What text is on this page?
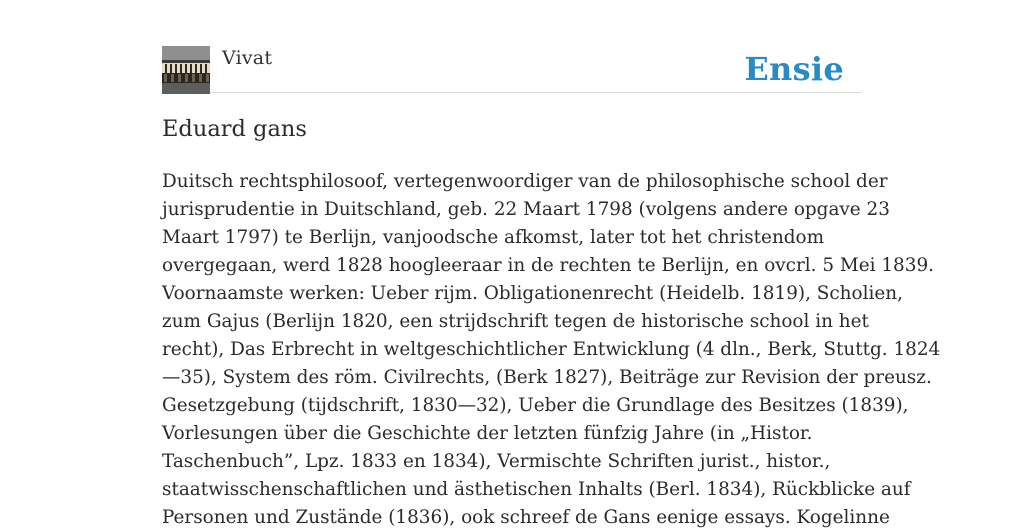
Vivat	Ensie
Eduard gans

Duitsch rechtsphilosoof, vertegenwoordiger van de philosophische school der
jurisprudentie in Duitschland, geb. 22 Maart 1798 (volgens andere opgave 23
Maart 1797) te Berlijn, vanjoodsche afkomst, later tot het christendom
overgegaan, werd 1828 hoogleeraar in de rechten te Berlijn, en ovcrl. 5 Mei 1839.
Voornaamste werken: Ueber rijm. Obligationenrecht (Heidelb. 1819), Scholien,
zum Gajus (Berlijn 1820, een strijdschrift tegen de historische school in het
recht), Das Erbrecht in weltgeschichtlicher Entwicklung (4 dln., Berk, Stuttg. 1824
—35), System des röm. Civilrechts, (Berk 1827), Beiträge zur Revision der preusz.
Gesetzgebung (tijdschrift, 1830—32), Ueber die Grundlage des Besitzes (1839),
Vorlesungen über die Geschichte der letzten fünfzig Jahre (in „Histor.
Taschenbuch”, Lpz. 1833 en 1834), Vermischte Schriften jurist., histor.,
staatwisschenschaftlichen und ästhetischen Inhalts (Berl. 1834), Rückblicke auf
Personen und Zustände (1836), ook schreef de Gans eenige essays. Kogelinne
